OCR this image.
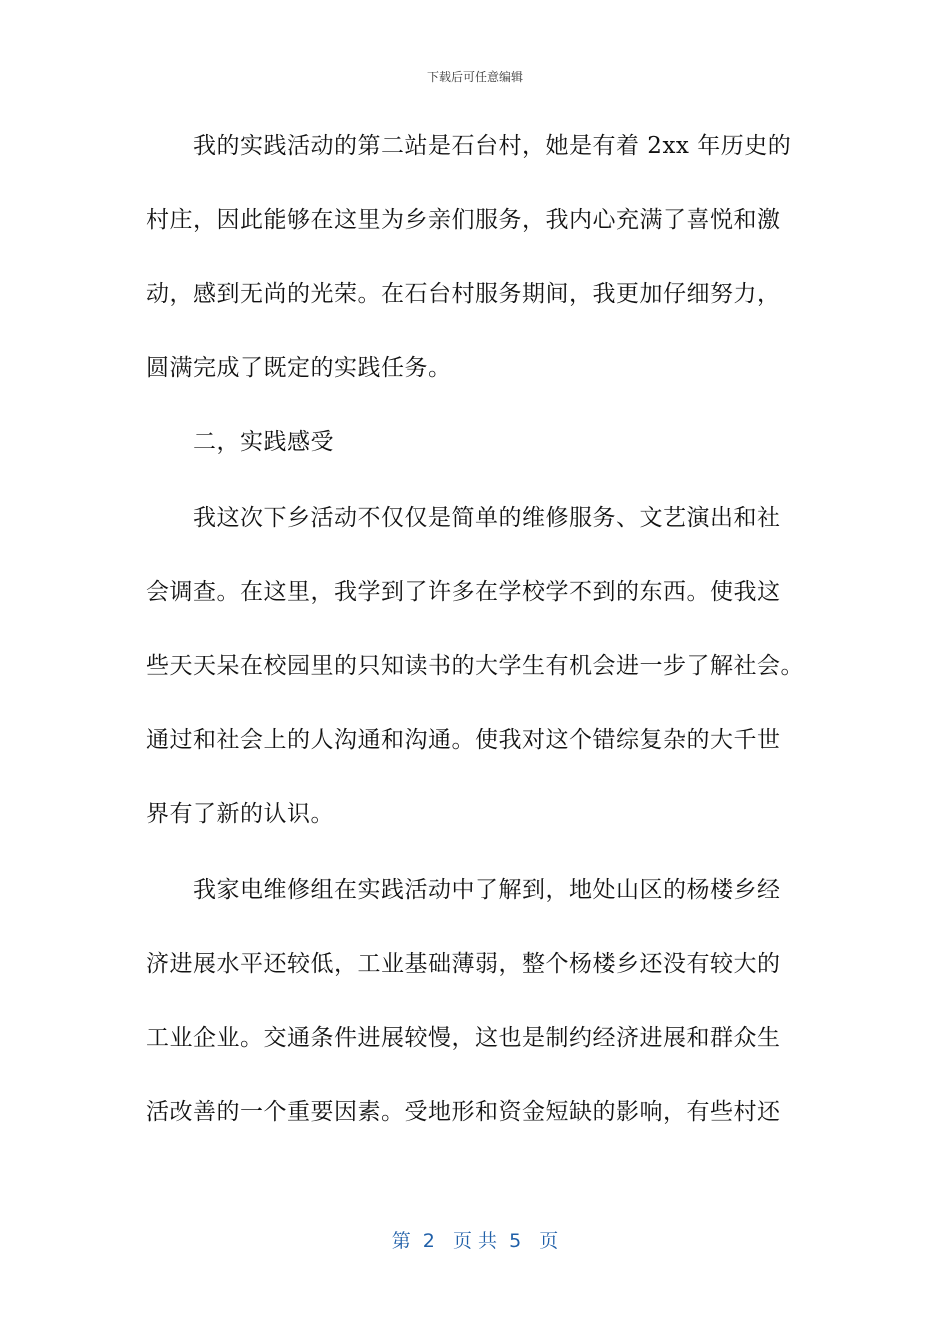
下载后可任意编辑
　　我的实践活动的第二站是石台村，她是有着 2xx 年历史的
村庄，因此能够在这里为乡亲们服务，我内心充满了喜悦和激
动，感到无尚的光荣。在石台村服务期间，我更加仔细努力，
圆满完成了既定的实践任务。
　　二，实践感受
　　我这次下乡活动不仅仅是简单的维修服务、文艺演出和社
会调查。在这里，我学到了许多在学校学不到的东西。使我这
些天天呆在校园里的只知读书的大学生有机会进一步了解社会。
通过和社会上的人沟通和沟通。使我对这个错综复杂的大千世
界有了新的认识。
　　我家电维修组在实践活动中了解到，地处山区的杨楼乡经
济进展水平还较低，工业基础薄弱，整个杨楼乡还没有较大的
工业企业。交通条件进展较慢，这也是制约经济进展和群众生
活改善的一个重要因素。受地形和资金短缺的影响，有些村还
第  2   页 共  5   页
